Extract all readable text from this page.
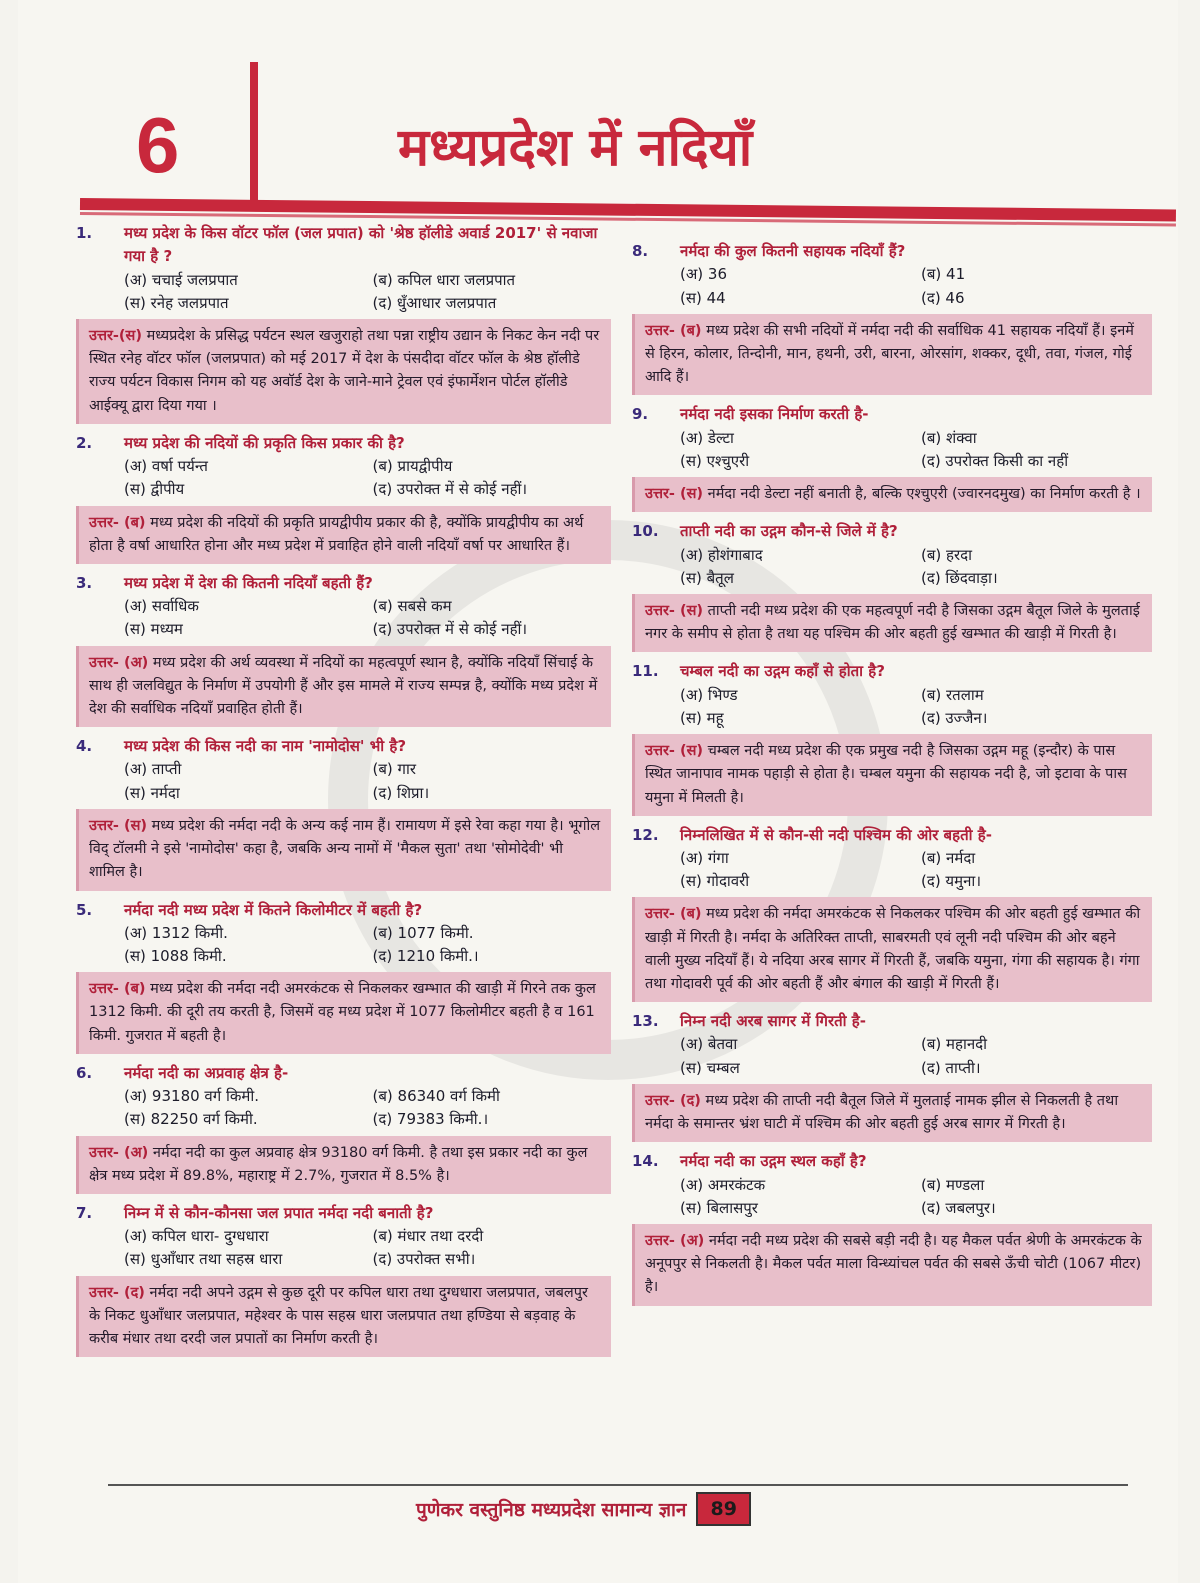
6	मध्यप्रदेश में नदियाँ
1.	मध्य प्रदेश के किस वॉटर फॉल (जल प्रपात) को 'श्रेष्ठ हॉलीडे अवार्ड 2017' से नवाजा गया है ?
(अ) चचाई जलप्रपात	(ब) कपिल धारा जलप्रपात
(स) रनेह जलप्रपात	(द) धुँआधार जलप्रपात
उत्तर-(स) मध्यप्रदेश के प्रसिद्ध पर्यटन स्थल खजुराहो तथा पन्ना राष्ट्रीय उद्यान के निकट केन नदी पर स्थित रनेह वॉटर फॉल (जलप्रपात) को मई 2017 में देश के पंसदीदा वॉटर फॉल के श्रेष्ठ हॉलीडे राज्य पर्यटन विकास निगम को यह अवॉर्ड देश के जाने-माने ट्रेवल एवं इंफार्मेशन पोर्टल हॉलीडे आईक्यू द्वारा दिया गया ।
2.	मध्य प्रदेश की नदियों की प्रकृति किस प्रकार की है?
(अ) वर्षा पर्यन्त	(ब) प्रायद्वीपीय
(स) द्वीपीय	(द) उपरोक्त में से कोई नहीं।
उत्तर- (ब) मध्य प्रदेश की नदियों की प्रकृति प्रायद्वीपीय प्रकार की है, क्योंकि प्रायद्वीपीय का अर्थ होता है वर्षा आधारित होना और मध्य प्रदेश में प्रवाहित होने वाली नदियाँ वर्षा पर आधारित हैं।
3.	मध्य प्रदेश में देश की कितनी नदियाँ बहती हैं?
(अ) सर्वाधिक	(ब) सबसे कम
(स) मध्यम	(द) उपरोक्त में से कोई नहीं।
उत्तर- (अ) मध्य प्रदेश की अर्थ व्यवस्था में नदियों का महत्वपूर्ण स्थान है, क्योंकि नदियाँ सिंचाई के साथ ही जलविद्युत के निर्माण में उपयोगी हैं और इस मामले में राज्य सम्पन्न है, क्योंकि मध्य प्रदेश में देश की सर्वाधिक नदियाँ प्रवाहित होती हैं।
4.	मध्य प्रदेश की किस नदी का नाम 'नामोदोस' भी है?
(अ) ताप्ती	(ब) गार
(स) नर्मदा	(द) शिप्रा।
उत्तर- (स) मध्य प्रदेश की नर्मदा नदी के अन्य कई नाम हैं। रामायण में इसे रेवा कहा गया है। भूगोल विद् टॉलमी ने इसे 'नामोदोस' कहा है, जबकि अन्य नामों में 'मैकल सुता' तथा 'सोमोदेवी' भी शामिल है।
5.	नर्मदा नदी मध्य प्रदेश में कितने किलोमीटर में बहती है?
(अ) 1312 किमी.	(ब) 1077 किमी.
(स) 1088 किमी.	(द) 1210 किमी.।
उत्तर- (ब) मध्य प्रदेश की नर्मदा नदी अमरकंटक से निकलकर खम्भात की खाड़ी में गिरने तक कुल 1312 किमी. की दूरी तय करती है, जिसमें वह मध्य प्रदेश में 1077 किलोमीटर बहती है व 161 किमी. गुजरात में बहती है।
6.	नर्मदा नदी का अप्रवाह क्षेत्र है-
(अ) 93180 वर्ग किमी.	(ब) 86340 वर्ग किमी
(स) 82250 वर्ग किमी.	(द) 79383 किमी.।
उत्तर- (अ) नर्मदा नदी का कुल अप्रवाह क्षेत्र 93180 वर्ग किमी. है तथा इस प्रकार नदी का कुल क्षेत्र मध्य प्रदेश में 89.8%, महाराष्ट्र में 2.7%, गुजरात में 8.5% है।
7.	निम्न में से कौन-कौनसा जल प्रपात नर्मदा नदी बनाती है?
(अ) कपिल धारा- दुग्धधारा	(ब) मंधार तथा दरदी
(स) धुआँधार तथा सहस्र धारा	(द) उपरोक्त सभी।
उत्तर- (द) नर्मदा नदी अपने उद्गम से कुछ दूरी पर कपिल धारा तथा दुग्धधारा जलप्रपात, जबलपुर के निकट धुआँधार जलप्रपात, महेश्वर के पास सहस्र धारा जलप्रपात तथा हण्डिया से बड़वाह के करीब मंधार तथा दरदी जल प्रपातों का निर्माण करती है।
8.	नर्मदा की कुल कितनी सहायक नदियाँ हैं?
(अ) 36	(ब) 41
(स) 44	(द) 46
उत्तर- (ब) मध्य प्रदेश की सभी नदियों में नर्मदा नदी की सर्वाधिक 41 सहायक नदियाँ हैं। इनमें से हिरन, कोलार, तिन्दोनी, मान, हथनी, उरी, बारना, ओरसांग, शक्कर, दूधी, तवा, गंजल, गोई आदि हैं।
9.	नर्मदा नदी इसका निर्माण करती है-
(अ) डेल्टा	(ब) शंक्वा
(स) एश्चुएरी	(द) उपरोक्त किसी का नहीं
उत्तर- (स) नर्मदा नदी डेल्टा नहीं बनाती है, बल्कि एश्चुएरी (ज्वारनदमुख) का निर्माण करती है ।
10.	ताप्ती नदी का उद्गम कौन-से जिले में है?
(अ) होशंगाबाद	(ब) हरदा
(स) बैतूल	(द) छिंदवाड़ा।
उत्तर- (स) ताप्ती नदी मध्य प्रदेश की एक महत्वपूर्ण नदी है जिसका उद्गम बैतूल जिले के मुलताई नगर के समीप से होता है तथा यह पश्चिम की ओर बहती हुई खम्भात की खाड़ी में गिरती है।
11.	चम्बल नदी का उद्गम कहाँ से होता है?
(अ) भिण्ड	(ब) रतलाम
(स) महू	(द) उज्जैन।
उत्तर- (स) चम्बल नदी मध्य प्रदेश की एक प्रमुख नदी है जिसका उद्गम महू (इन्दौर) के पास स्थित जानापाव नामक पहाड़ी से होता है। चम्बल यमुना की सहायक नदी है, जो इटावा के पास यमुना में मिलती है।
12.	निम्नलिखित में से कौन-सी नदी पश्चिम की ओर बहती है-
(अ) गंगा	(ब) नर्मदा
(स) गोदावरी	(द) यमुना।
उत्तर- (ब) मध्य प्रदेश की नर्मदा अमरकंटक से निकलकर पश्चिम की ओर बहती हुई खम्भात की खाड़ी में गिरती है। नर्मदा के अतिरिक्त ताप्ती, साबरमती एवं लूनी नदी पश्चिम की ओर बहने वाली मुख्य नदियाँ हैं। ये नदिया अरब सागर में गिरती हैं, जबकि यमुना, गंगा की सहायक है। गंगा तथा गोदावरी पूर्व की ओर बहती हैं और बंगाल की खाड़ी में गिरती हैं।
13.	निम्न नदी अरब सागर में गिरती है-
(अ) बेतवा	(ब) महानदी
(स) चम्बल	(द) ताप्ती।
उत्तर- (द) मध्य प्रदेश की ताप्ती नदी बैतूल जिले में मुलताई नामक झील से निकलती है तथा नर्मदा के समान्तर भ्रंश घाटी में पश्चिम की ओर बहती हुई अरब सागर में गिरती है।
14.	नर्मदा नदी का उद्गम स्थल कहाँ है?
(अ) अमरकंटक	(ब) मण्डला
(स) बिलासपुर	(द) जबलपुर।
उत्तर- (अ) नर्मदा नदी मध्य प्रदेश की सबसे बड़ी नदी है। यह मैकल पर्वत श्रेणी के अमरकंटक के अनूपपुर से निकलती है। मैकल पर्वत माला विन्ध्यांचल पर्वत की सबसे ऊँची चोटी (1067 मीटर) है।
पुणेकर वस्तुनिष्ठ मध्यप्रदेश सामान्य ज्ञान	89
